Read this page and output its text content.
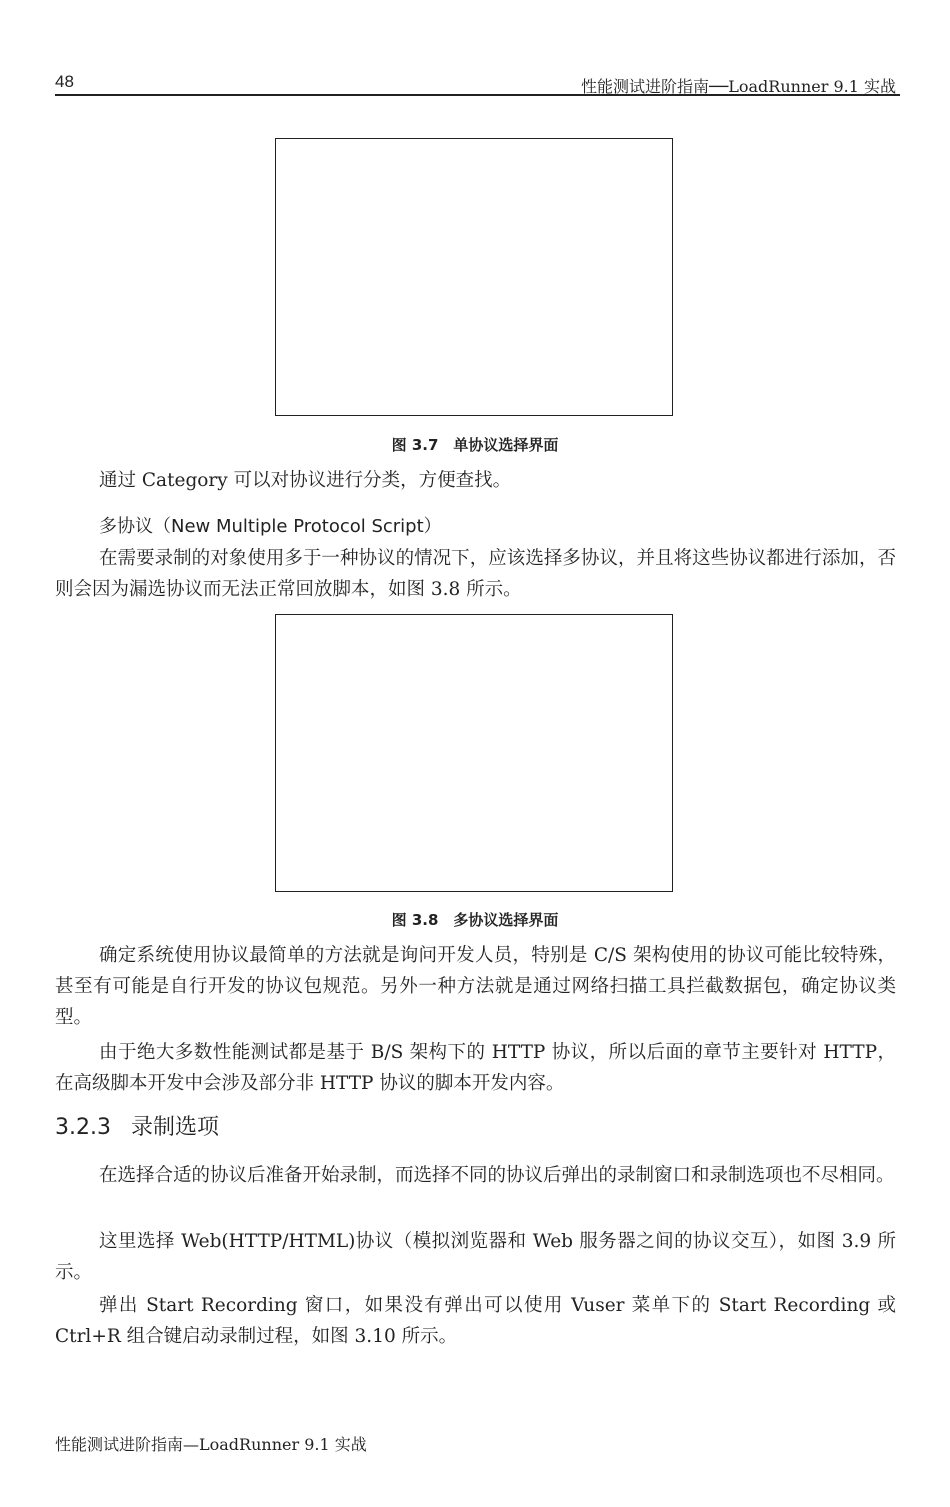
48	性能测试进阶指南──LoadRunner 9.1 实战
图 3.7　单协议选择界面

通过 Category 可以对协议进行分类，方便查找。

多协议（New Multiple Protocol Script）

在需要录制的对象使用多于一种协议的情况下，应该选择多协议，并且将这些协议都进行添加，否则会因为漏选协议而无法正常回放脚本，如图 3.8 所示。

图 3.8　多协议选择界面

确定系统使用协议最简单的方法就是询问开发人员，特别是 C/S 架构使用的协议可能比较特殊，甚至有可能是自行开发的协议包规范。另外一种方法就是通过网络扫描工具拦截数据包，确定协议类型。

由于绝大多数性能测试都是基于 B/S 架构下的 HTTP 协议，所以后面的章节主要针对 HTTP，在高级脚本开发中会涉及部分非 HTTP 协议的脚本开发内容。

3.2.3 录制选项

在选择合适的协议后准备开始录制，而选择不同的协议后弹出的录制窗口和录制选项也不尽相同。

这里选择 Web(HTTP/HTML)协议（模拟浏览器和 Web 服务器之间的协议交互），如图 3.9 所示。

弹出 Start Recording 窗口，如果没有弹出可以使用 Vuser 菜单下的 Start Recording 或 Ctrl+R 组合键启动录制过程，如图 3.10 所示。

性能测试进阶指南—LoadRunner 9.1 实战
